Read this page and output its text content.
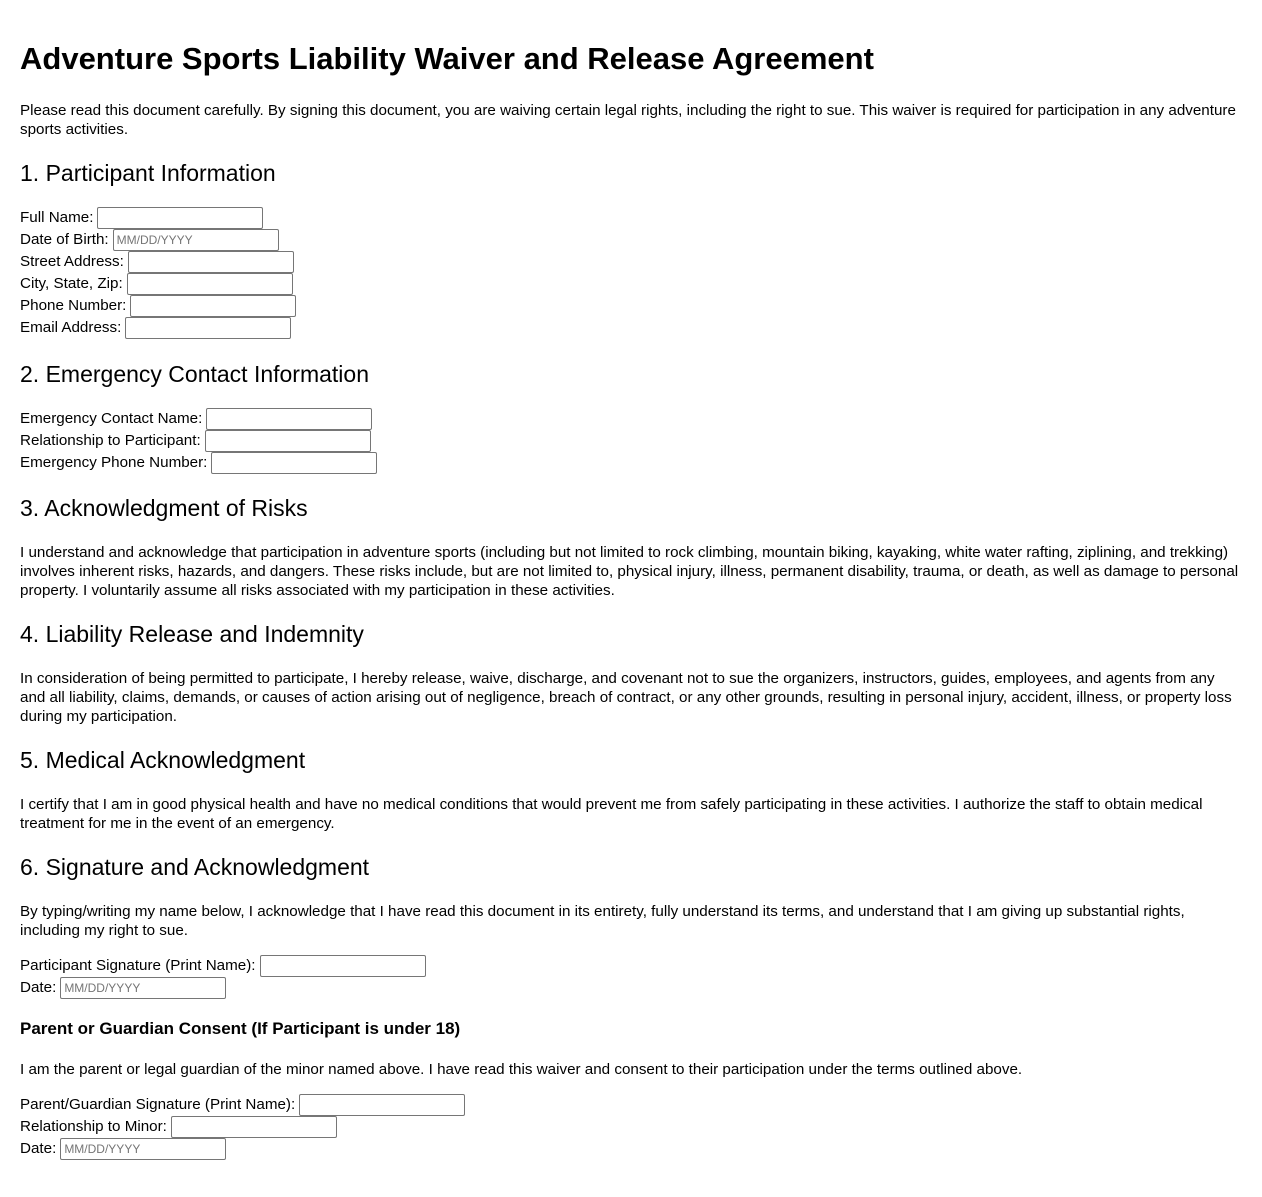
Adventure Sports Liability Waiver and Release Agreement

Please read this document carefully. By signing this document, you are waiving certain legal rights, including the right to sue. This waiver is required for participation in any adventure sports activities.

1. Participant Information
Full Name:
Date of Birth:
MM/DD/YYYY
Street Address:
City, State, Zip:
Phone Number:
Email Address:
2. Emergency Contact Information
Emergency Contact Name:
Relationship to Participant:
Emergency Phone Number:
3. Acknowledgment of Risks

I understand and acknowledge that participation in adventure sports (including but not limited to rock climbing, mountain biking, kayaking, white water rafting, ziplining, and trekking) involves inherent risks, hazards, and dangers. These risks include, but are not limited to, physical injury, illness, permanent disability, trauma, or death, as well as damage to personal property. I voluntarily assume all risks associated with my participation in these activities.

4. Liability Release and Indemnity

In consideration of being permitted to participate, I hereby release, waive, discharge, and covenant not to sue the organizers, instructors, guides, employees, and agents from any and all liability, claims, demands, or causes of action arising out of negligence, breach of contract, or any other grounds, resulting in personal injury, accident, illness, or property loss during my participation.

5. Medical Acknowledgment

I certify that I am in good physical health and have no medical conditions that would prevent me from safely participating in these activities. I authorize the staff to obtain medical treatment for me in the event of an emergency.

6. Signature and Acknowledgment

By typing/writing my name below, I acknowledge that I have read this document in its entirety, fully understand its terms, and understand that I am giving up substantial rights, including my right to sue.

Participant Signature (Print Name):
Date:
MM/DD/YYYY
Parent or Guardian Consent (If Participant is under 18)

I am the parent or legal guardian of the minor named above. I have read this waiver and consent to their participation under the terms outlined above.

Parent/Guardian Signature (Print Name):
Relationship to Minor:
Date:
MM/DD/YYYY
